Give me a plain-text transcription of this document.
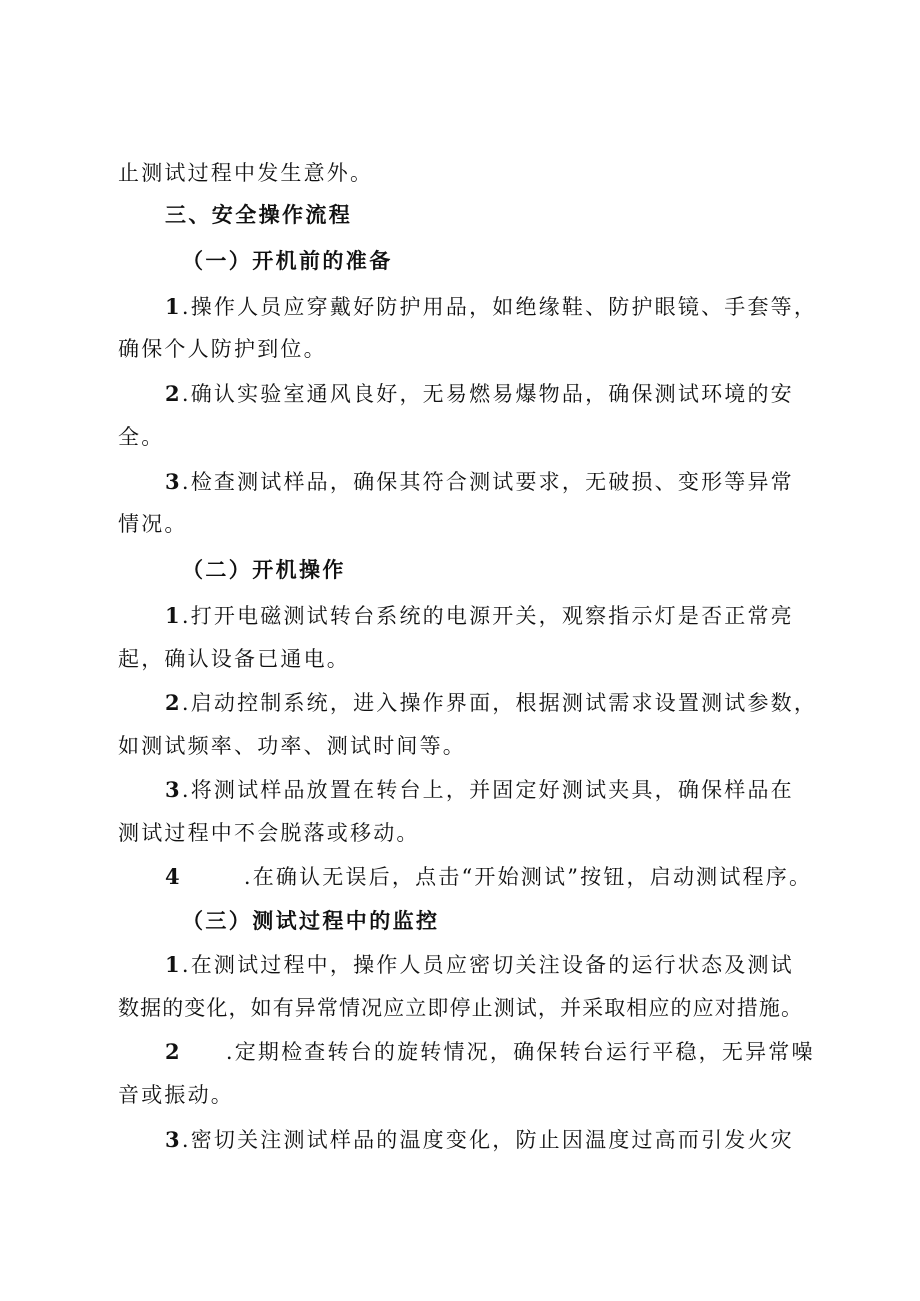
止测试过程中发生意外。
三、安全操作流程
（一）开机前的准备
1.操作人员应穿戴好防护用品，如绝缘鞋、防护眼镜、手套等，
确保个人防护到位。
2.确认实验室通风良好，无易燃易爆物品，确保测试环境的安
全。
3.检查测试样品，确保其符合测试要求，无破损、变形等异常
情况。
（二）开机操作
1.打开电磁测试转台系统的电源开关，观察指示灯是否正常亮
起，确认设备已通电。
2.启动控制系统，进入操作界面，根据测试需求设置测试参数，
如测试频率、功率、测试时间等。
3.将测试样品放置在转台上，并固定好测试夹具，确保样品在
测试过程中不会脱落或移动。
4	.在确认无误后，点击“开始测试”按钮，启动测试程序。
（三）测试过程中的监控
1.在测试过程中，操作人员应密切关注设备的运行状态及测试
数据的变化，如有异常情况应立即停止测试，并采取相应的应对措施。
2 .定期检查转台的旋转情况，确保转台运行平稳，无异常噪
音或振动。
3.密切关注测试样品的温度变化，防止因温度过高而引发火灾
